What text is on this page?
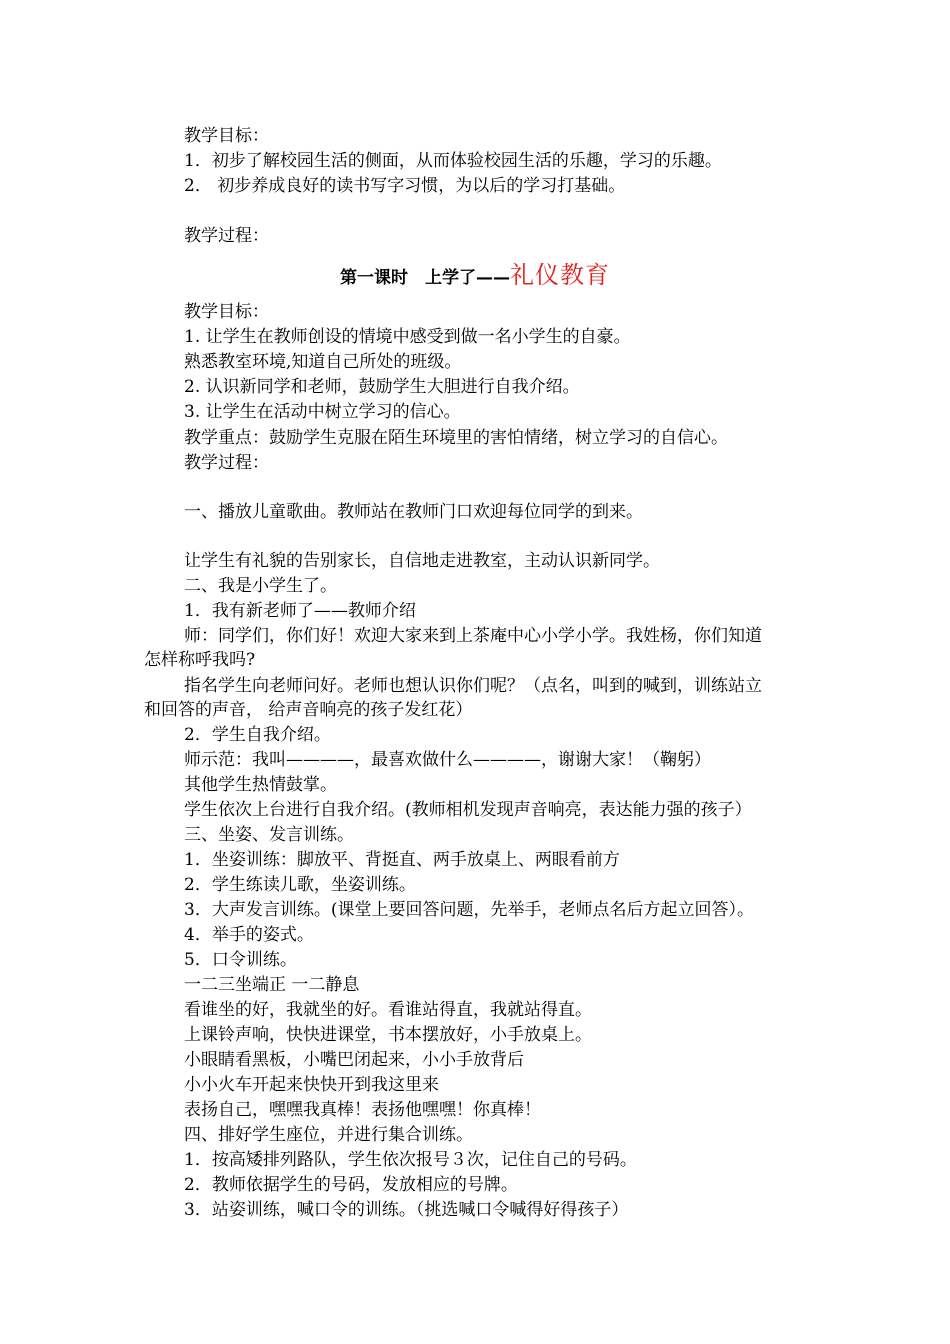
教学目标：
1．初步了解校园生活的侧面，从而体验校园生活的乐趣，学习的乐趣。
2． 初步养成良好的读书写字习惯，为以后的学习打基础。
教学过程：
第一课时　上学了——礼仪教育
教学目标：
1. 让学生在教师创设的情境中感受到做一名小学生的自豪。
熟悉教室环境,知道自己所处的班级。
2. 认识新同学和老师，鼓励学生大胆进行自我介绍。
3. 让学生在活动中树立学习的信心。
教学重点：鼓励学生克服在陌生环境里的害怕情绪，树立学习的自信心。
教学过程：
一、播放儿童歌曲。教师站在教师门口欢迎每位同学的到来。
让学生有礼貌的告别家长，自信地走进教室，主动认识新同学。
二、我是小学生了。
1．我有新老师了——教师介绍
师：同学们，你们好！欢迎大家来到上茶庵中心小学小学。我姓杨，你们知道
怎样称呼我吗?
指名学生向老师问好。老师也想认识你们呢？（点名，叫到的喊到，训练站立
和回答的声音， 给声音响亮的孩子发红花）
2．学生自我介绍。
师示范：我叫————，最喜欢做什么————，谢谢大家！（鞠躬）
其他学生热情鼓掌。
学生依次上台进行自我介绍。(教师相机发现声音响亮，表达能力强的孩子）
三、坐姿、发言训练。
1．坐姿训练：脚放平、背挺直、两手放桌上、两眼看前方
2．学生练读儿歌，坐姿训练。
3．大声发言训练。(课堂上要回答问题，先举手，老师点名后方起立回答）。
4．举手的姿式。
5．口令训练。
一二三坐端正 一二静息
看谁坐的好，我就坐的好。看谁站得直，我就站得直。
上课铃声响，快快进课堂，书本摆放好，小手放桌上。
小眼睛看黑板，小嘴巴闭起来，小小手放背后
小小火车开起来快快开到我这里来
表扬自己，嘿嘿我真棒！表扬他嘿嘿！你真棒！
四、排好学生座位，并进行集合训练。
1．按高矮排列路队，学生依次报号３次，记住自己的号码。
2．教师依据学生的号码，发放相应的号牌。
3．站姿训练，喊口令的训练。（挑选喊口令喊得好得孩子）
